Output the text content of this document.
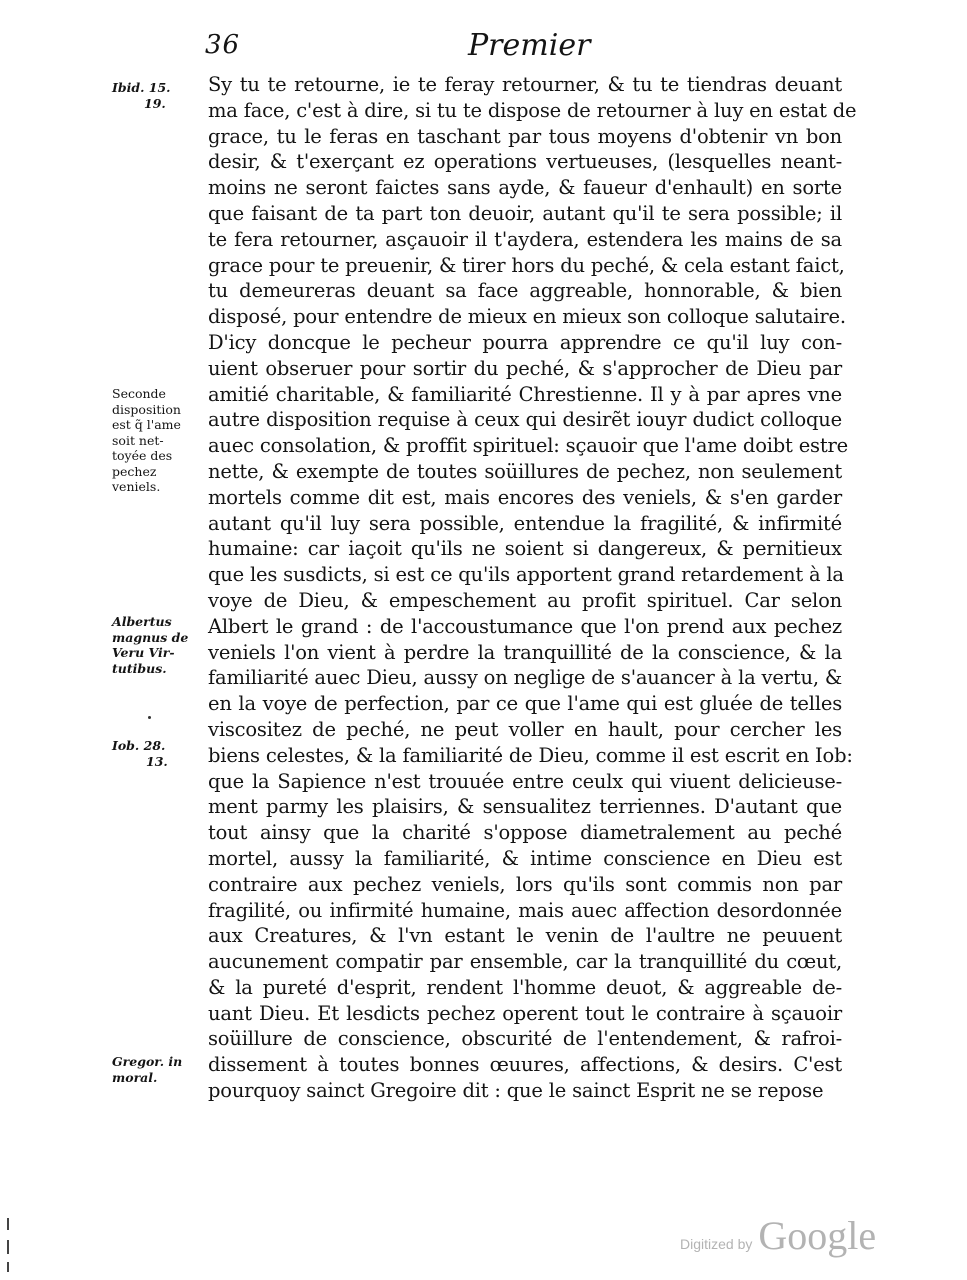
36	Premier
Ibid. 15.
19.
Seconde
disposition
est q̃ l'ame
soit net-
toyée des
pechez
veniels.
Albertus
magnus de
Veru Vir-
tutibus.
Iob. 28.
13.
Gregor. in
moral.
Sy tu te retourne, ie te feray retourner, & tu te tiendras deuant
ma face, c'est à dire, si tu te dispose de retourner à luy en estat de
grace, tu le feras en taschant par tous moyens d'obtenir vn bon
desir, & t'exerçant ez operations vertueuses, (lesquelles neant-
moins ne seront faictes sans ayde, & faueur d'enhault) en sorte
que faisant de ta part ton deuoir, autant qu'il te sera possible; il
te fera retourner, asçauoir il t'aydera, estendera les mains de sa
grace pour te preuenir, & tirer hors du peché, & cela estant faict,
tu demeureras deuant sa face aggreable, honnorable, & bien
disposé, pour entendre de mieux en mieux son colloque salutaire.
D'icy doncque le pecheur pourra apprendre ce qu'il luy con-
uient obseruer pour sortir du peché, & s'approcher de Dieu par
amitié charitable, & familiarité Chrestienne. Il y à par apres vne
autre disposition requise à ceux qui desirẽt iouyr dudict colloque
auec consolation, & proffit spirituel: sçauoir que l'ame doibt estre
nette, & exempte de toutes soüillures de pechez, non seulement
mortels comme dit est, mais encores des veniels, & s'en garder
autant qu'il luy sera possible, entendue la fragilité, & infirmité
humaine: car iaçoit qu'ils ne soient si dangereux, & pernitieux
que les susdicts, si est ce qu'ils apportent grand retardement à la
voye de Dieu, & empeschement au profit spirituel. Car selon
Albert le grand : de l'accoustumance que l'on prend aux pechez
veniels l'on vient à perdre la tranquillité de la conscience, & la
familiarité auec Dieu, aussy on neglige de s'auancer à la vertu, &
en la voye de perfection, par ce que l'ame qui est gluée de telles
viscositez de peché, ne peut voller en hault, pour cercher les
biens celestes, & la familiarité de Dieu, comme il est escrit en Iob:
que la Sapience n'est trouuée entre ceulx qui viuent delicieuse-
ment parmy les plaisirs, & sensualitez terriennes. D'autant que
tout ainsy que la charité s'oppose diametralement au peché
mortel, aussy la familiarité, & intime conscience en Dieu est
contraire aux pechez veniels, lors qu'ils sont commis non par
fragilité, ou infirmité humaine, mais auec affection desordonnée
aux Creatures, & l'vn estant le venin de l'aultre ne peuuent
aucunement compatir par ensemble, car la tranquillité du cœut,
& la pureté d'esprit, rendent l'homme deuot, & aggreable de-
uant Dieu. Et lesdicts pechez operent tout le contraire à sçauoir
soüillure de conscience, obscurité de l'entendement, & rafroi-
dissement à toutes bonnes œuures, affections, & desirs. C'est
pourquoy sainct Gregoire dit : que le sainct Esprit ne se repose
Digitized by Google
